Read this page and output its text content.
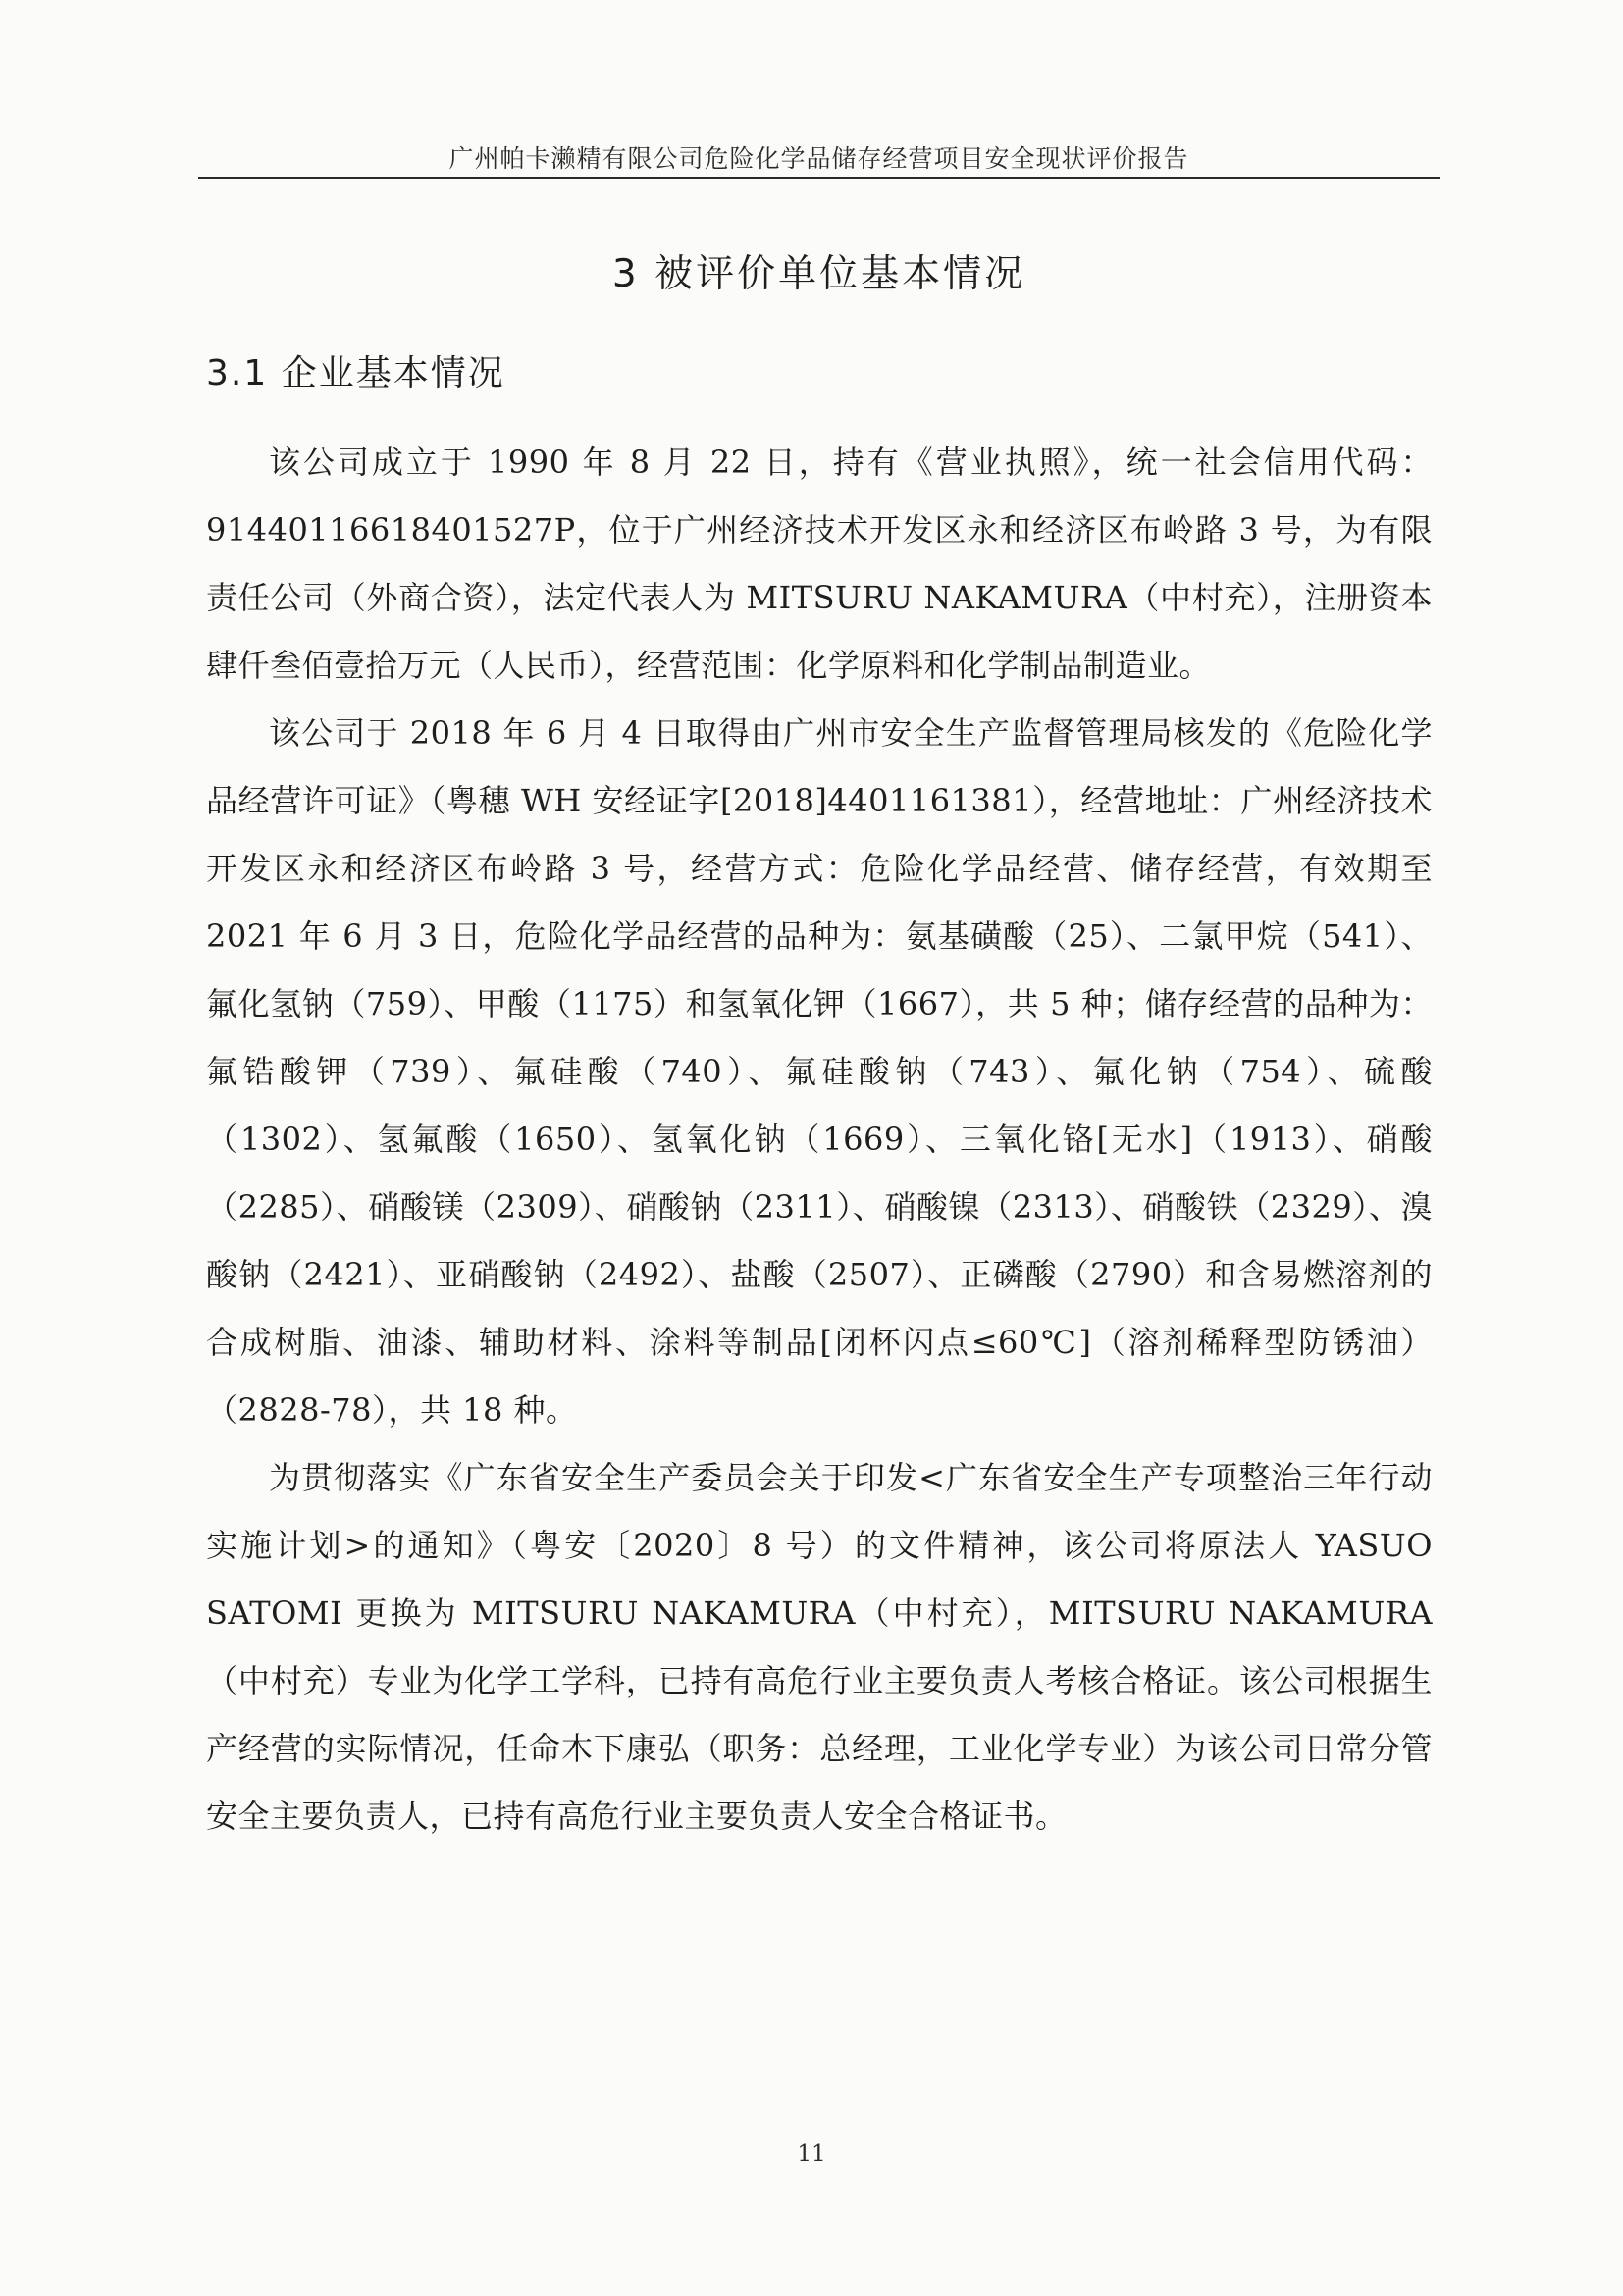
广州帕卡濑精有限公司危险化学品储存经营项目安全现状评价报告
3 被评价单位基本情况
3.1 企业基本情况

该公司成立于 1990 年 8 月 22 日，持有《营业执照》，统一社会信用代码：91440116618401527P，位于广州经济技术开发区永和经济区布岭路 3 号，为有限责任公司（外商合资），法定代表人为 MITSURU NAKAMURA（中村充），注册资本肆仟叁佰壹拾万元（人民币），经营范围：化学原料和化学制品制造业。

该公司于 2018 年 6 月 4 日取得由广州市安全生产监督管理局核发的《危险化学品经营许可证》（粤穗 WH 安经证字[2018]4401161381），经营地址：广州经济技术开发区永和经济区布岭路 3 号，经营方式：危险化学品经营、储存经营，有效期至 2021 年 6 月 3 日，危险化学品经营的品种为：氨基磺酸（25）、二氯甲烷（541）、氟化氢钠（759）、甲酸（1175）和氢氧化钾（1667），共 5 种；储存经营的品种为：氟锆酸钾（739）、氟硅酸（740）、氟硅酸钠（743）、氟化钠（754）、硫酸（1302）、氢氟酸（1650）、氢氧化钠（1669）、三氧化铬[无水]（1913）、硝酸（2285）、硝酸镁（2309）、硝酸钠（2311）、硝酸镍（2313）、硝酸铁（2329）、溴酸钠（2421）、亚硝酸钠（2492）、盐酸（2507）、正磷酸（2790）和含易燃溶剂的合成树脂、油漆、辅助材料、涂料等制品[闭杯闪点≤60℃]（溶剂稀释型防锈油）（2828-78），共 18 种。

为贯彻落实《广东省安全生产委员会关于印发<广东省安全生产专项整治三年行动实施计划>的通知》（粤安〔2020〕8 号）的文件精神，该公司将原法人 YASUO SATOMI 更换为 MITSURU NAKAMURA（中村充），MITSURU NAKAMURA（中村充）专业为化学工学科，已持有高危行业主要负责人考核合格证。该公司根据生产经营的实际情况，任命木下康弘（职务：总经理，工业化学专业）为该公司日常分管安全主要负责人，已持有高危行业主要负责人安全合格证书。

11
